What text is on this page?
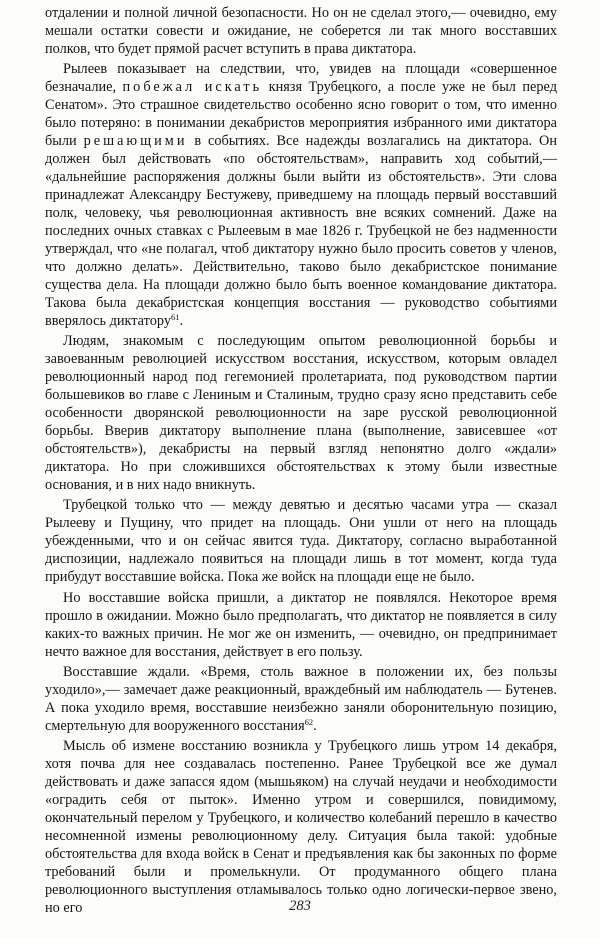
отдалении и полной личной безопасности. Но он не сделал этого,— очевидно, ему мешали остатки совести и ожидание, не соберется ли так много восставших полков, что будет прямой расчет вступить в права диктатора.

Рылеев показывает на следствии, что, увидев на площади «совершенное безначалие, побежал искать князя Трубецкого, а после уже не был перед Сенатом». Это страшное свидетельство особенно ясно говорит о том, что именно было потеряно: в понимании декабристов мероприятия избранного ими диктатора были решающими в событиях. Все надежды возлагались на диктатора. Он должен был действовать «по обстоятельствам», направить ход событий,— «дальнейшие распоряжения должны были выйти из обстоятельств». Эти слова принадлежат Александру Бестужеву, приведшему на площадь первый восставший полк, человеку, чья революционная активность вне всяких сомнений. Даже на последних очных ставках с Рылеевым в мае 1826 г. Трубецкой не без надменности утверждал, что «не полагал, чтоб диктатору нужно было просить советов у членов, что должно делать». Действительно, таково было декабристское понимание существа дела. На площади должно было быть военное командование диктатора. Такова была декабристская концепция восстания — руководство событиями вверялось диктатору$^{61}$.

Людям, знакомым с последующим опытом революционной борьбы и завоеванным революцией искусством восстания, искусством, которым овладел революционный народ под гегемонией пролетариата, под руководством партии большевиков во главе с Лениным и Сталиным, трудно сразу ясно представить себе особенности дворянской революционности на заре русской революционной борьбы. Вверив диктатору выполнение плана (выполнение, зависевшее «от обстоятельств»), декабристы на первый взгляд непонятно долго «ждали» диктатора. Но при сложившихся обстоятельствах к этому были известные основания, и в них надо вникнуть.

Трубецкой только что — между девятью и десятью часами утра — сказал Рылееву и Пущину, что придет на площадь. Они ушли от него на площадь убежденными, что и он сейчас явится туда. Диктатору, согласно выработанной диспозиции, надлежало появиться на площади лишь в тот момент, когда туда прибудут восставшие войска. Пока же войск на площади еще не было.

Но восставшие войска пришли, а диктатор не появлялся. Некоторое время прошло в ожидании. Можно было предполагать, что диктатор не появляется в силу каких-то важных причин. Не мог же он изменить, — очевидно, он предпринимает нечто важное для восстания, действует в его пользу.

Восставшие ждали. «Время, столь важное в положении их, без пользы уходило»,— замечает даже реакционный, враждебный им наблюдатель — Бутенев. А пока уходило время, восставшие неизбежно заняли оборонительную позицию, смертельную для вооруженного восстания$^{62}$.

Мысль об измене восстанию возникла у Трубецкого лишь утром 14 декабря, хотя почва для нее создавалась постепенно. Ранее Трубецкой все же думал действовать и даже запасся ядом (мышьяком) на случай неудачи и необходимости «оградить себя от пыток». Именно утром и совершился, повидимому, окончательный перелом у Трубецкого, и количество колебаний перешло в качество несомненной измены революционному делу. Ситуация была такой: удобные обстоятельства для входа войск в Сенат и предъявления как бы законных по форме требований были и промелькнули. От продуманного общего плана революционного выступления отламывалось только одно логически-первое звено, но его	283
